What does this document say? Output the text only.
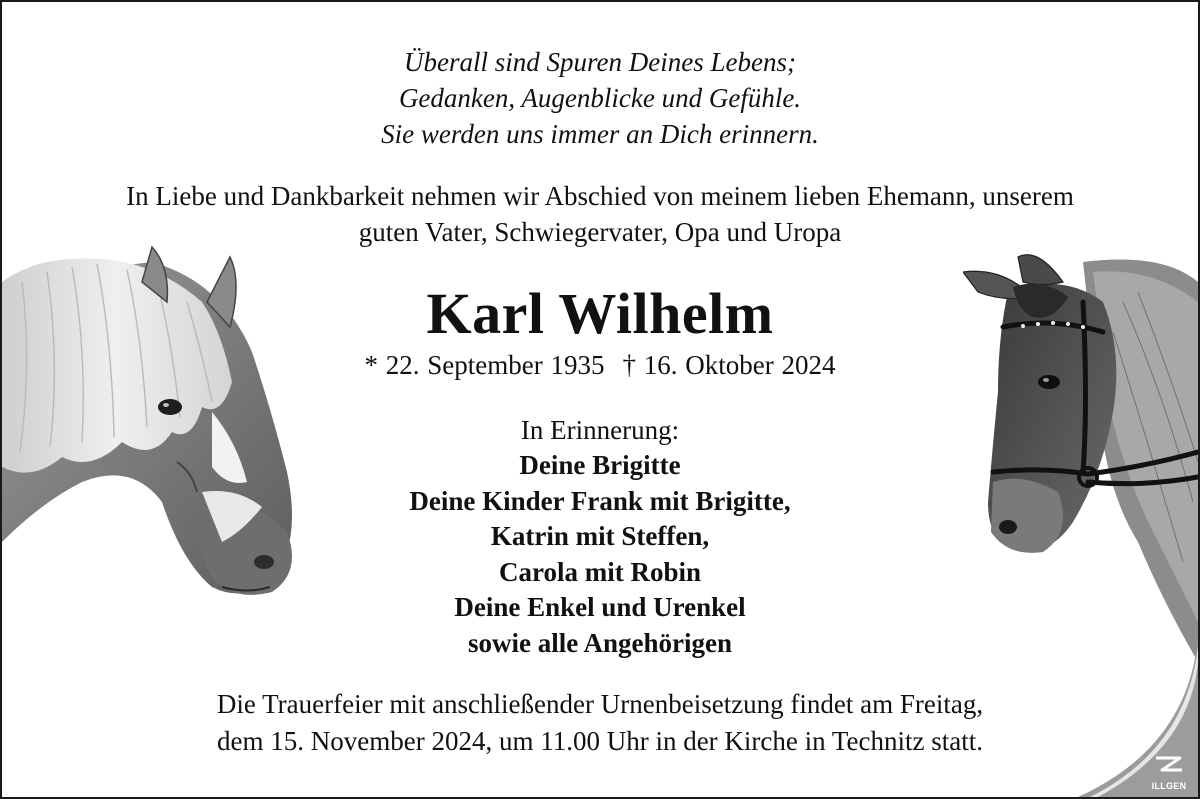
ILLGEN
Überall sind Spuren Deines Lebens;
Gedanken, Augenblicke und Gefühle.
Sie werden uns immer an Dich erinnern.
In Liebe und Dankbarkeit nehmen wir Abschied von meinem lieben Ehemann, unserem
guten Vater, Schwiegervater, Opa und Uropa
Karl Wilhelm
* 22. September 1935 † 16. Oktober 2024
In Erinnerung:
Deine Brigitte
Deine Kinder Frank mit Brigitte,
Katrin mit Steffen,
Carola mit Robin
Deine Enkel und Urenkel
sowie alle Angehörigen
Die Trauerfeier mit anschließender Urnenbeisetzung findet am Freitag,
dem 15. November 2024, um 11.00 Uhr in der Kirche in Technitz statt.
